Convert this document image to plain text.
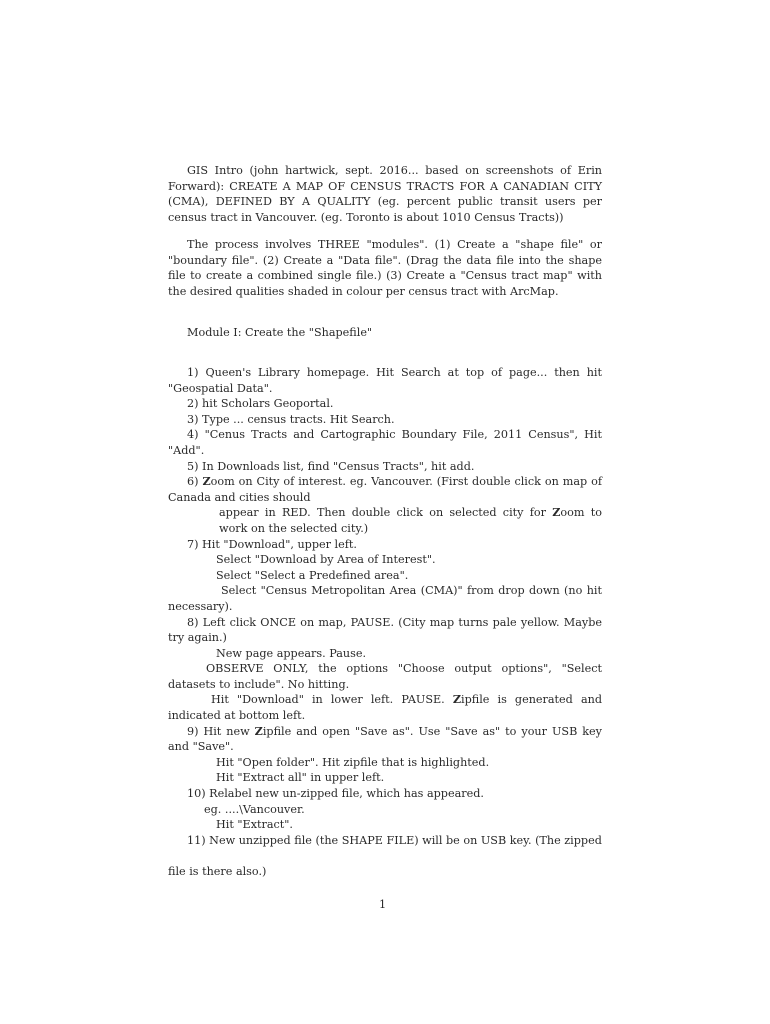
GIS Intro (john hartwick, sept. 2016... based on screenshots of Erin Forward): CREATE A MAP OF CENSUS TRACTS FOR A CANADIAN CITY (CMA), DEFINED BY A QUALITY (eg. percent public transit users per census tract in Vancouver. (eg. Toronto is about 1010 Census Tracts))

The process involves THREE "modules". (1) Create a "shape file" or "boundary file". (2) Create a "Data file". (Drag the data file into the shape file to create a combined single file.) (3) Create a "Census tract map" with the desired qualities shaded in colour per census tract with ArcMap.

Module I: Create the "Shapefile"

1) Queen's Library homepage. Hit Search at top of page... then hit "Geospatial Data".

2) hit Scholars Geoportal.

3) Type ... census tracts. Hit Search.

4) "Cenus Tracts and Cartographic Boundary File, 2011 Census", Hit "Add".

5) In Downloads list, find "Census Tracts", hit add.

6) Zoom on City of interest. eg. Vancouver. (First double click on map of Canada and cities should

appear in RED. Then double click on selected city for Zoom to work on the selected city.)

7) Hit "Download", upper left.

Select "Download by Area of Interest".

Select "Select a Predefined area".

Select "Census Metropolitan Area (CMA)" from drop down (no hit necessary).

8) Left click ONCE on map, PAUSE. (City map turns pale yellow. Maybe try again.)

New page appears. Pause.

OBSERVE ONLY, the options "Choose output options", "Select datasets to include". No hitting.

Hit "Download" in lower left. PAUSE. Zipfile is generated and indicated at bottom left.

9) Hit new Zipfile and open "Save as". Use "Save as" to your USB key and "Save".

Hit "Open folder". Hit zipfile that is highlighted.

Hit "Extract all" in upper left.

10) Relabel new un-zipped file, which has appeared.

eg. ....\Vancouver.

Hit "Extract".

11) New unzipped file (the SHAPE FILE) will be on USB key. (The zipped

file is there also.)

1
